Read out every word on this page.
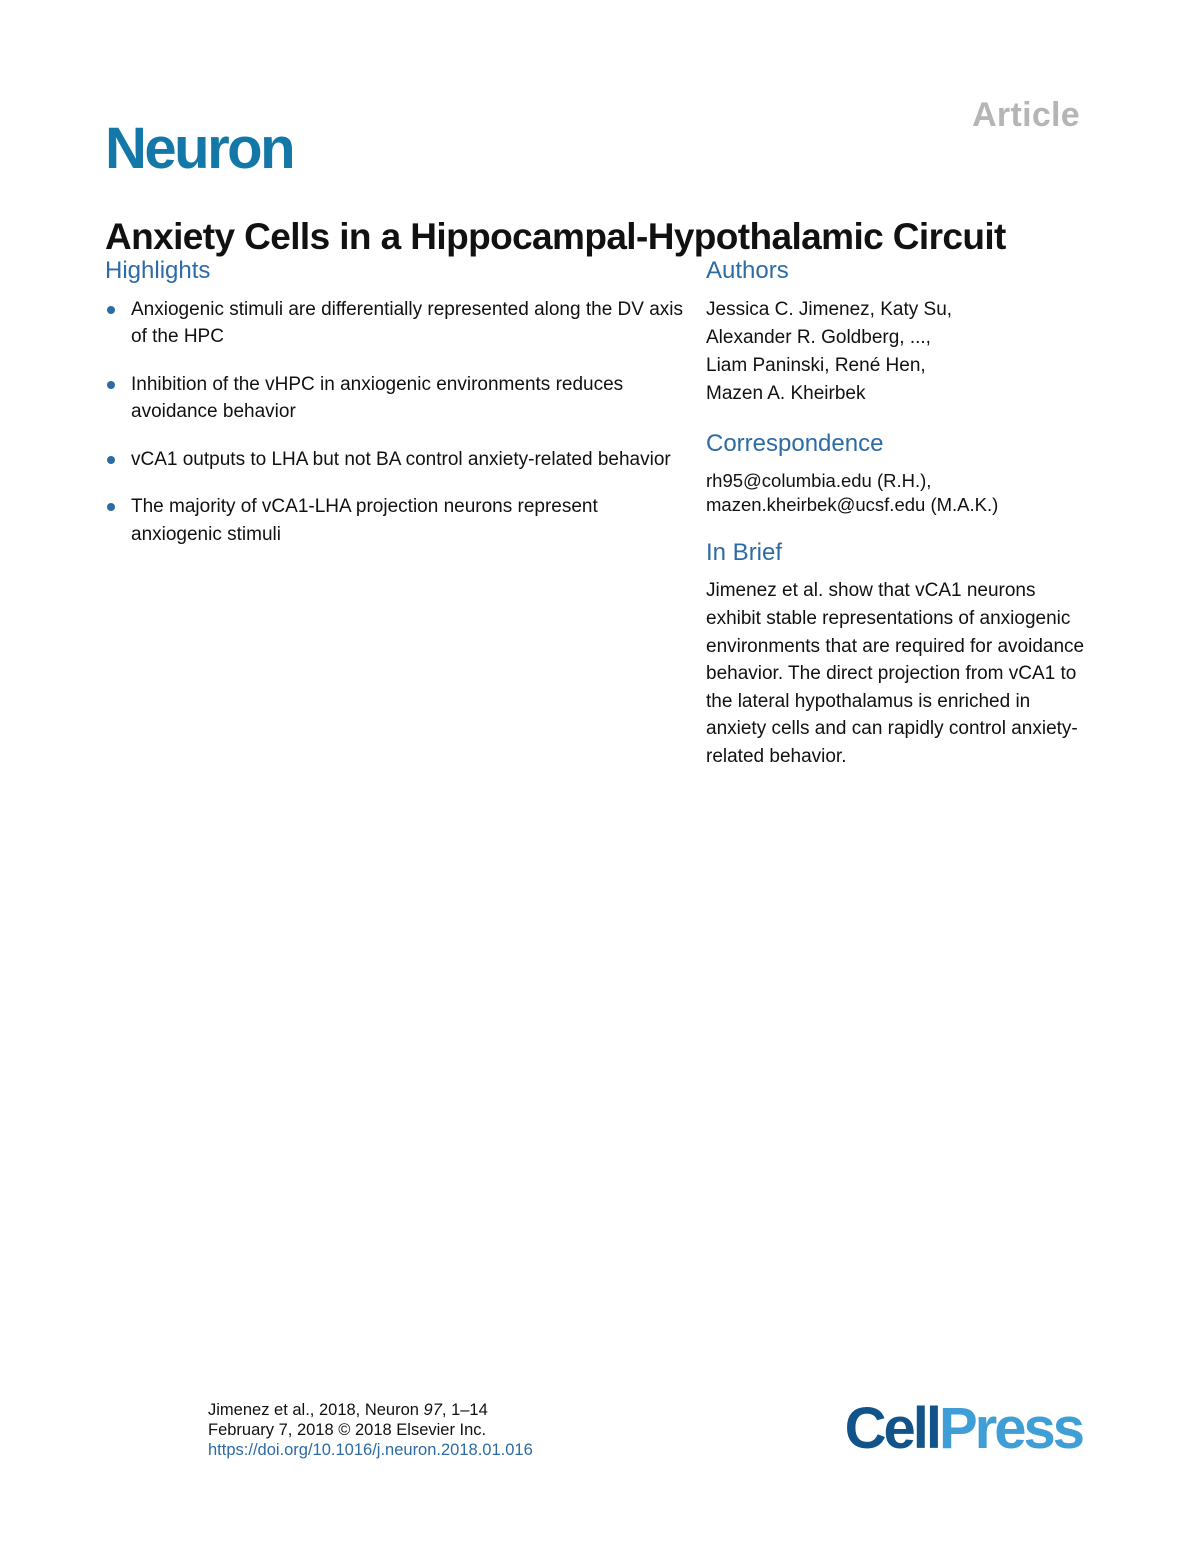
Article
Neuron
Anxiety Cells in a Hippocampal-Hypothalamic Circuit
Highlights
Anxiogenic stimuli are differentially represented along the DV axis of the HPC
Inhibition of the vHPC in anxiogenic environments reduces avoidance behavior
vCA1 outputs to LHA but not BA control anxiety-related behavior
The majority of vCA1-LHA projection neurons represent anxiogenic stimuli
Authors
Jessica C. Jimenez, Katy Su,
Alexander R. Goldberg, ...,
Liam Paninski, René Hen,
Mazen A. Kheirbek
Correspondence
rh95@columbia.edu (R.H.),
mazen.kheirbek@ucsf.edu (M.A.K.)
In Brief

Jimenez et al. show that vCA1 neurons exhibit stable representations of anxiogenic environments that are required for avoidance behavior. The direct projection from vCA1 to the lateral hypothalamus is enriched in anxiety cells and can rapidly control anxiety-related behavior.

Jimenez et al., 2018, Neuron 97, 1–14
February 7, 2018 © 2018 Elsevier Inc.
https://doi.org/10.1016/j.neuron.2018.01.016	CellPress
